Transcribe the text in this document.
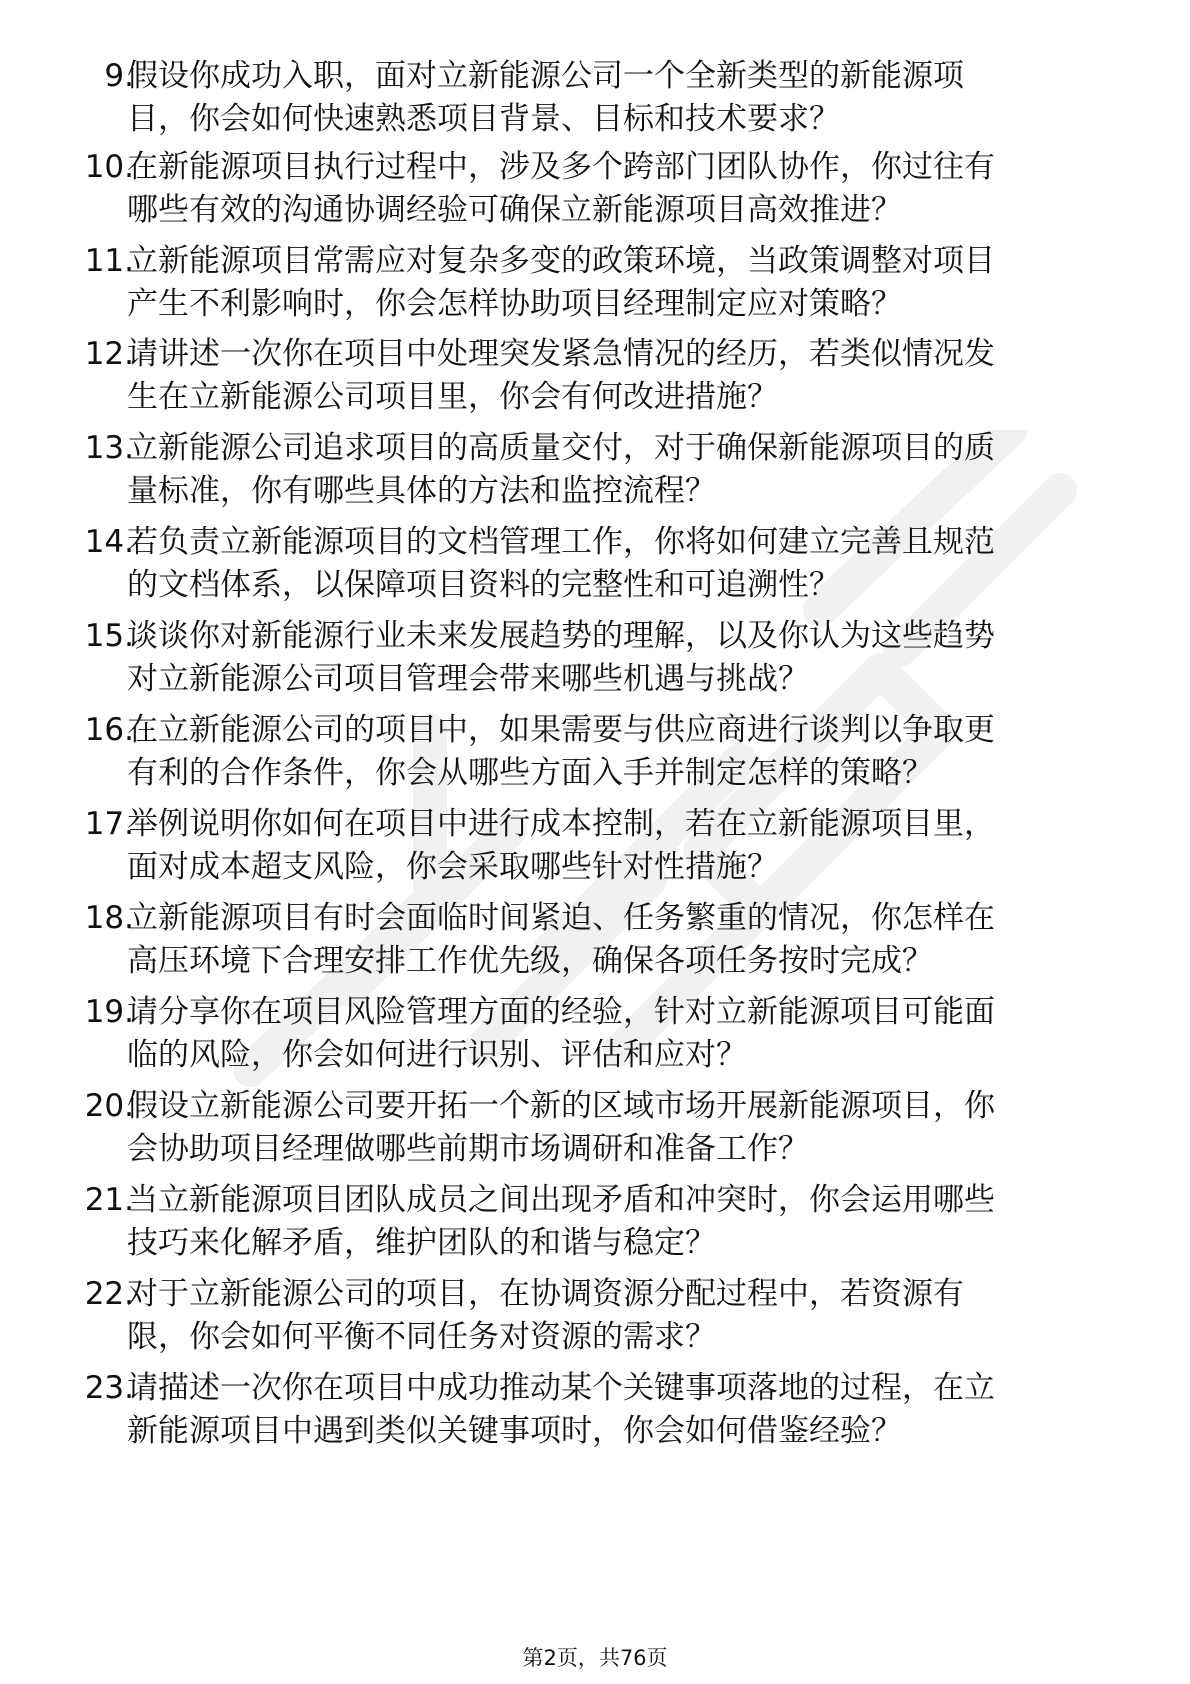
9.
假设你成功入职，面对立新能源公司一个全新类型的新能源项
目，你会如何快速熟悉项目背景、目标和技术要求？
10.
在新能源项目执行过程中，涉及多个跨部门团队协作，你过往有
哪些有效的沟通协调经验可确保立新能源项目高效推进？
11.
立新能源项目常需应对复杂多变的政策环境，当政策调整对项目
产生不利影响时，你会怎样协助项目经理制定应对策略？
12.
请讲述一次你在项目中处理突发紧急情况的经历，若类似情况发
生在立新能源公司项目里，你会有何改进措施？
13.
立新能源公司追求项目的高质量交付，对于确保新能源项目的质
量标准，你有哪些具体的方法和监控流程？
14.
若负责立新能源项目的文档管理工作，你将如何建立完善且规范
的文档体系，以保障项目资料的完整性和可追溯性？
15.
谈谈你对新能源行业未来发展趋势的理解，以及你认为这些趋势
对立新能源公司项目管理会带来哪些机遇与挑战？
16.
在立新能源公司的项目中，如果需要与供应商进行谈判以争取更
有利的合作条件，你会从哪些方面入手并制定怎样的策略？
17.
举例说明你如何在项目中进行成本控制，若在立新能源项目里，
面对成本超支风险，你会采取哪些针对性措施？
18.
立新能源项目有时会面临时间紧迫、任务繁重的情况，你怎样在
高压环境下合理安排工作优先级，确保各项任务按时完成？
19.
请分享你在项目风险管理方面的经验，针对立新能源项目可能面
临的风险，你会如何进行识别、评估和应对？
20.
假设立新能源公司要开拓一个新的区域市场开展新能源项目，你
会协助项目经理做哪些前期市场调研和准备工作？
21.
当立新能源项目团队成员之间出现矛盾和冲突时，你会运用哪些
技巧来化解矛盾，维护团队的和谐与稳定？
22.
对于立新能源公司的项目，在协调资源分配过程中，若资源有
限，你会如何平衡不同任务对资源的需求？
23.
请描述一次你在项目中成功推动某个关键事项落地的过程，在立
新能源项目中遇到类似关键事项时，你会如何借鉴经验？
第2页，共76页
